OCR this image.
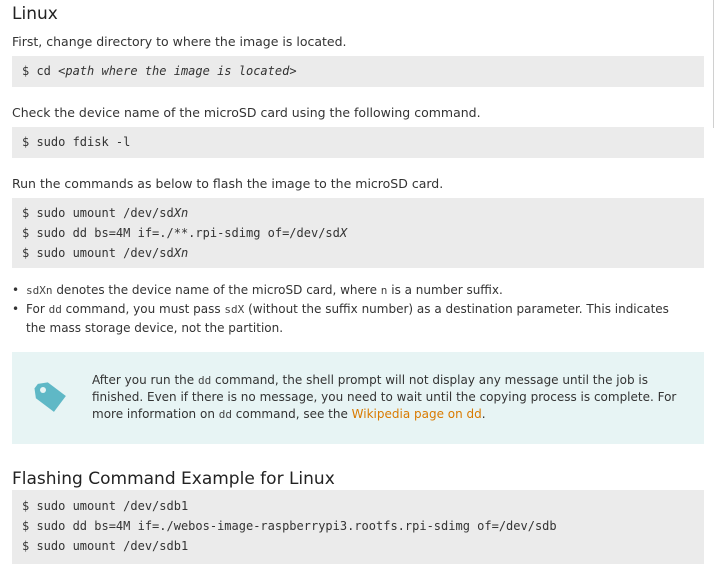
Linux

First, change directory to where the image is located.

$ cd <path where the image is located>

Check the device name of the microSD card using the following command.

$ sudo fdisk -l

Run the commands as below to flash the image to the microSD card.

$ sudo umount /dev/sdXn
$ sudo dd bs=4M if=./**.rpi-sdimg of=/dev/sdX
$ sudo umount /dev/sdXn
• sdXn denotes the device name of the microSD card, where n is a number suffix.
• For dd command, you must pass sdX (without the suffix number) as a destination parameter. This indicates the mass storage device, not the partition.
After you run the dd command, the shell prompt will not display any message until the job is finished. Even if there is no message, you need to wait until the copying process is complete. For more information on dd command, see the Wikipedia page on dd.
Flashing Command Example for Linux
$ sudo umount /dev/sdb1
$ sudo dd bs=4M if=./webos-image-raspberrypi3.rootfs.rpi-sdimg of=/dev/sdb
$ sudo umount /dev/sdb1
